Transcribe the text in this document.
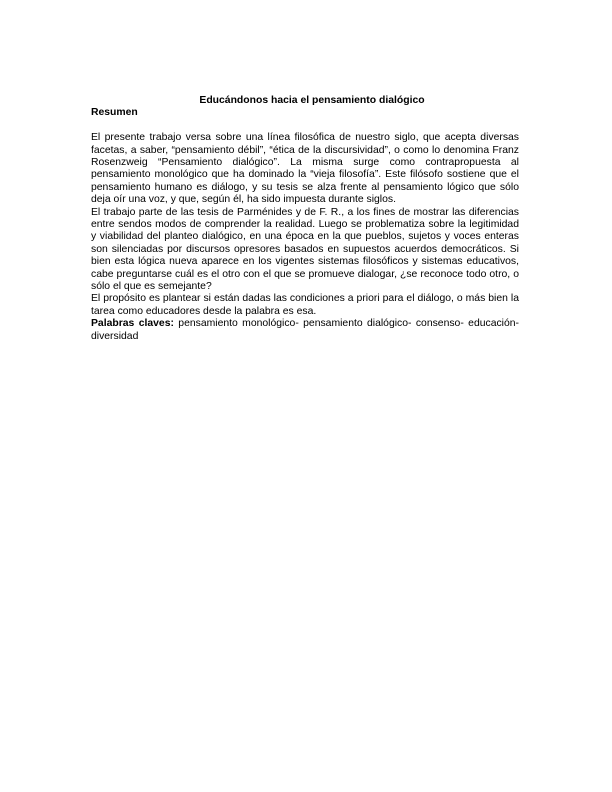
Educándonos hacia el pensamiento dialógico

Resumen

El presente trabajo versa sobre una línea filosófica de nuestro siglo, que acepta diversas facetas, a saber, “pensamiento débil”, “ética de la discursividad”, o como lo denomina Franz Rosenzweig “Pensamiento dialógico”. La misma surge como contrapropuesta al pensamiento monológico que ha dominado la “vieja filosofía”. Este filósofo sostiene que el pensamiento humano es diálogo, y su tesis se alza frente al pensamiento lógico que sólo deja oír una voz, y que, según él, ha sido impuesta durante siglos.

El trabajo parte de las tesis de Parménides y de F. R., a los fines de mostrar las diferencias entre sendos modos de comprender la realidad. Luego se problematiza sobre la legitimidad y viabilidad del planteo dialógico, en una época en la que pueblos, sujetos y voces enteras son silenciadas por discursos opresores basados en supuestos acuerdos democráticos. Si bien esta lógica nueva aparece en los vigentes sistemas filosóficos y sistemas educativos, cabe preguntarse cuál es el otro con el que se promueve dialogar, ¿se reconoce todo otro, o sólo el que es semejante?

El propósito es plantear si están dadas las condiciones a priori para el diálogo, o más bien la tarea como educadores desde la palabra es esa.

Palabras claves: pensamiento monológico- pensamiento dialógico- consenso- educación- diversidad
